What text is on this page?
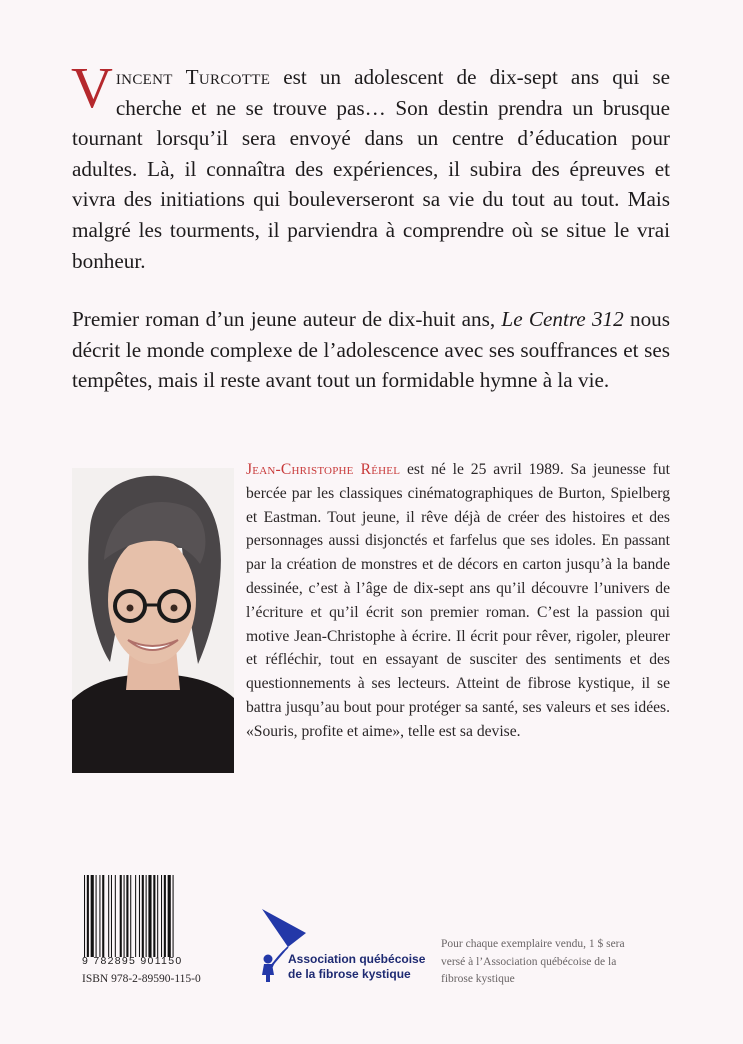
Vincent Turcotte est un adolescent de dix-sept ans qui se cherche et ne se trouve pas… Son destin prendra un brusque tournant lorsqu’il sera envoyé dans un centre d’éducation pour adultes. Là, il connaîtra des expériences, il subira des épreuves et vivra des initiations qui bouleverseront sa vie du tout au tout. Mais malgré les tourments, il parviendra à comprendre où se situe le vrai bonheur.

Premier roman d’un jeune auteur de dix-huit ans, Le Centre 312 nous décrit le monde complexe de l’adolescence avec ses souffrances et ses tempêtes, mais il reste avant tout un formidable hymne à la vie.

Jean-Christophe Réhel est né le 25 avril 1989. Sa jeunesse fut bercée par les classiques cinématographiques de Burton, Spielberg et Eastman. Tout jeune, il rêve déjà de créer des histoires et des personnages aussi disjonctés et farfelus que ses idoles. En passant par la création de monstres et de décors en carton jusqu’à la bande dessinée, c’est à l’âge de dix-sept ans qu’il découvre l’univers de l’écriture et qu’il écrit son premier roman. C’est la passion qui motive Jean-Christophe à écrire. Il écrit pour rêver, rigoler, pleurer et réfléchir, tout en essayant de susciter des sentiments et des questionnements à ses lecteurs. Atteint de fibrose kystique, il se battra jusqu’au bout pour protéger sa santé, ses valeurs et ses idées. «Souris, profite et aime», telle est sa devise.
9 782895 901150
ISBN 978-2-89590-115-0
Association québécoise
de la fibrose kystique
Pour chaque exemplaire vendu, 1 $ sera versé à l’Association québécoise de la fibrose kystique
